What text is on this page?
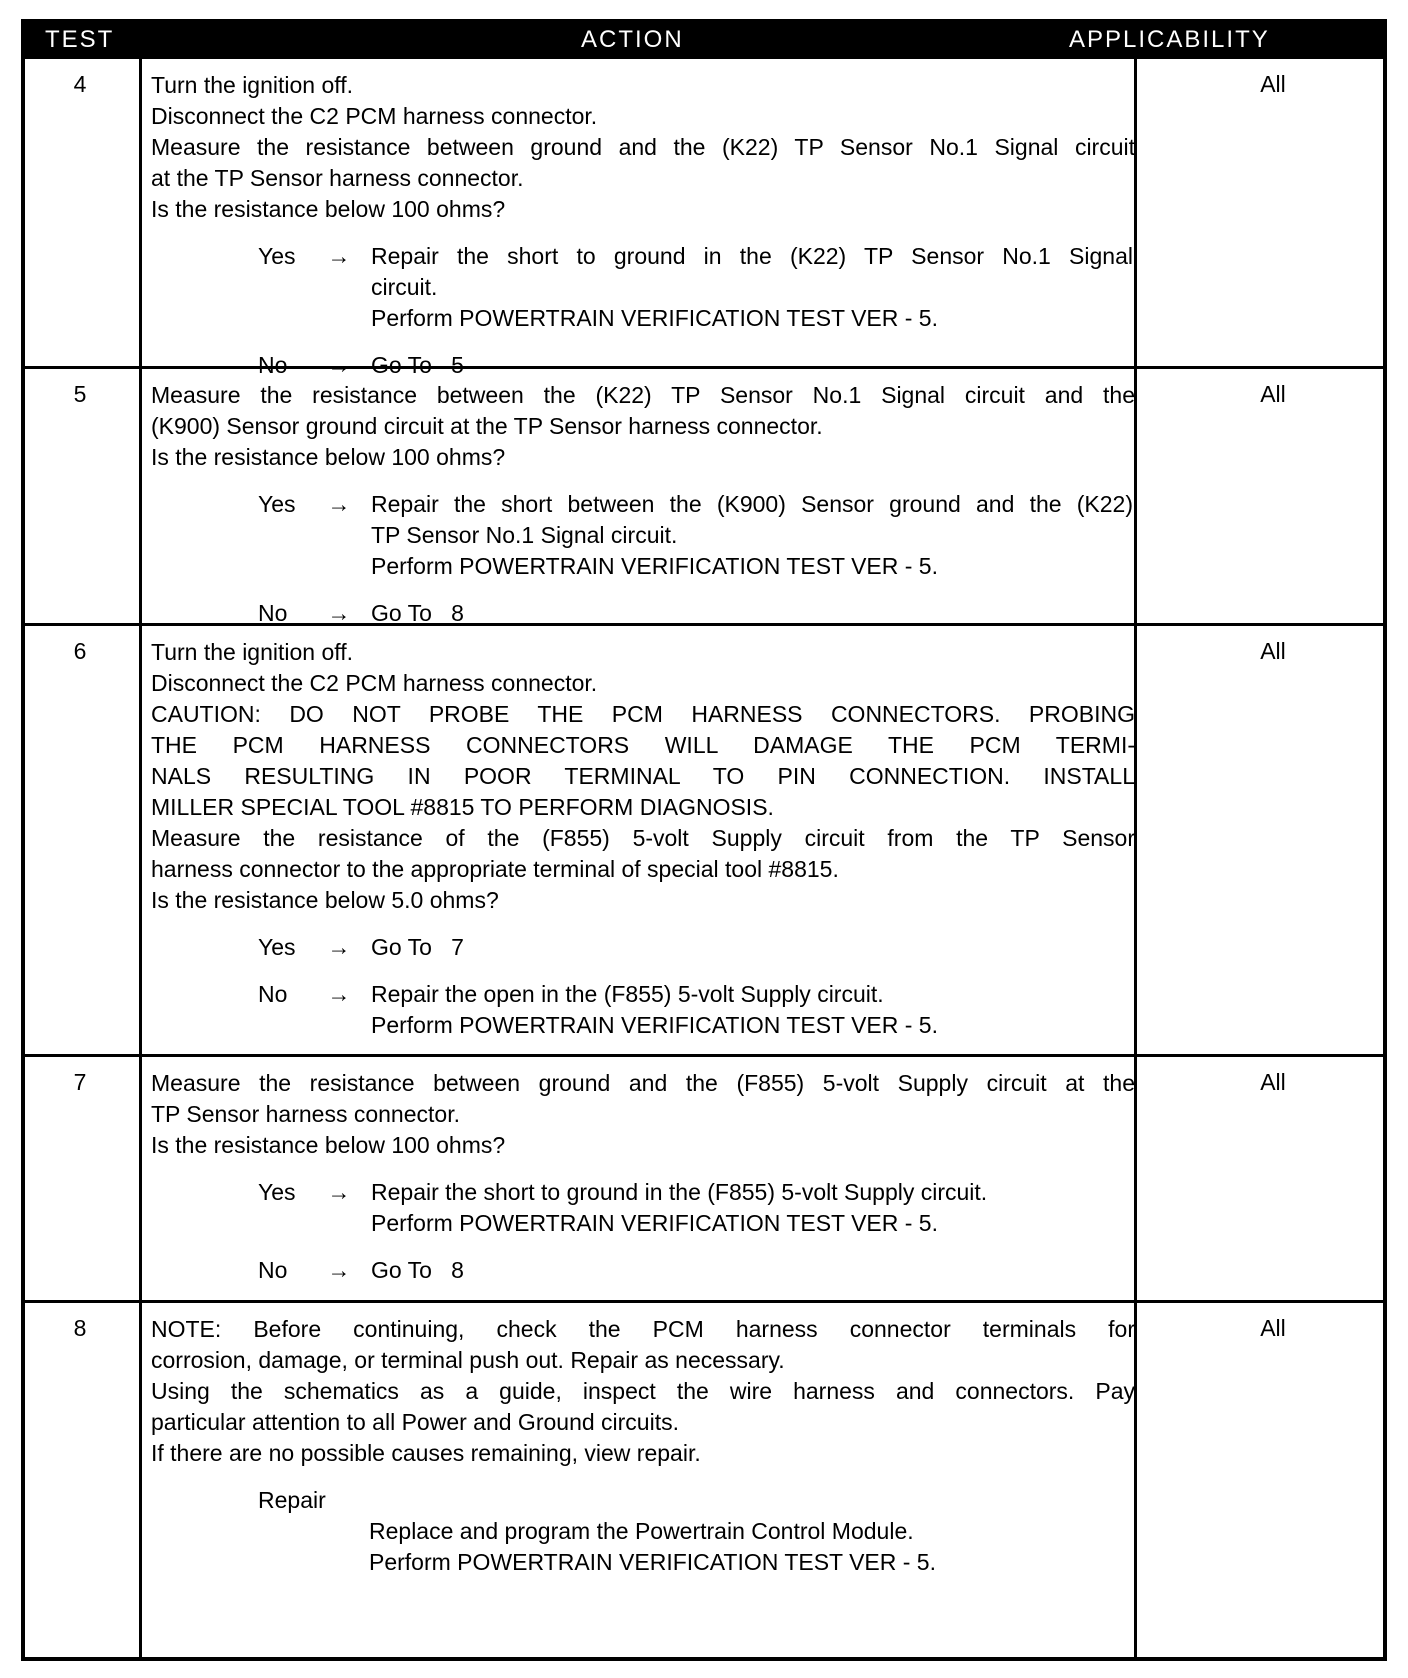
TEST	ACTION	APPLICABILITY
4	Turn the ignition off.

Disconnect the C2 PCM harness connector.

Measure the resistance between ground and the (K22) TP Sensor No.1 Signal circuit

at the TP Sensor harness connector.

Is the resistance below 100 ohms?

Yes → Repair the short to ground in the (K22) TP Sensor No.1 Signal

circuit.

Perform POWERTRAIN VERIFICATION TEST VER - 5.

No → Go To   5
All
5	Measure the resistance between the (K22) TP Sensor No.1 Signal circuit and the

(K900) Sensor ground circuit at the TP Sensor harness connector.

Is the resistance below 100 ohms?

Yes → Repair the short between the (K900) Sensor ground and the (K22)

TP Sensor No.1 Signal circuit.

Perform POWERTRAIN VERIFICATION TEST VER - 5.

No → Go To   8
All
6	Turn the ignition off.

Disconnect the C2 PCM harness connector.

CAUTION: DO NOT PROBE THE PCM HARNESS CONNECTORS. PROBING

THE PCM HARNESS CONNECTORS WILL DAMAGE THE PCM TERMI-

NALS RESULTING IN POOR TERMINAL TO PIN CONNECTION. INSTALL

MILLER SPECIAL TOOL #8815 TO PERFORM DIAGNOSIS.

Measure the resistance of the (F855) 5-volt Supply circuit from the TP Sensor

harness connector to the appropriate terminal of special tool #8815.

Is the resistance below 5.0 ohms?

Yes → Go To   7
No → Repair the open in the (F855) 5-volt Supply circuit.

Perform POWERTRAIN VERIFICATION TEST VER - 5.

All
7	Measure the resistance between ground and the (F855) 5-volt Supply circuit at the

TP Sensor harness connector.

Is the resistance below 100 ohms?

Yes → Repair the short to ground in the (F855) 5-volt Supply circuit.

Perform POWERTRAIN VERIFICATION TEST VER - 5.

No → Go To   8
All
8	NOTE: Before continuing, check the PCM harness connector terminals for

corrosion, damage, or terminal push out. Repair as necessary.

Using the schematics as a guide, inspect the wire harness and connectors. Pay

particular attention to all Power and Ground circuits.

If there are no possible causes remaining, view repair.

Repair

Replace and program the Powertrain Control Module.

Perform POWERTRAIN VERIFICATION TEST VER - 5.

All
